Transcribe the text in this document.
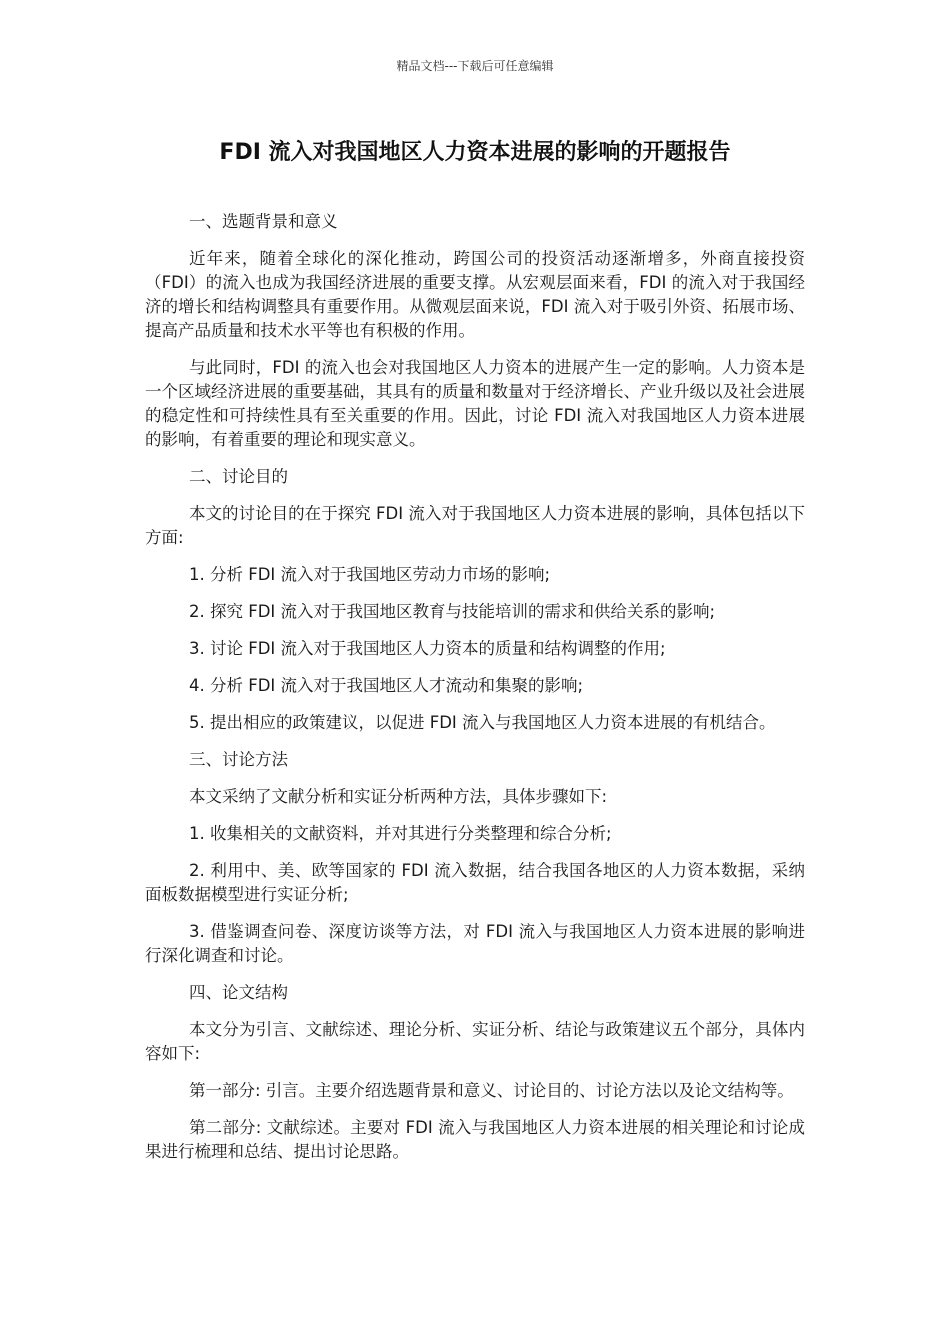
精品文档---下载后可任意编辑
FDI 流入对我国地区人力资本进展的影响的开题报告

一、选题背景和意义

近年来，随着全球化的深化推动，跨国公司的投资活动逐渐增多，外商直接投资（FDI）的流入也成为我国经济进展的重要支撑。从宏观层面来看，FDI 的流入对于我国经济的增长和结构调整具有重要作用。从微观层面来说，FDI 流入对于吸引外资、拓展市场、提高产品质量和技术水平等也有积极的作用。

与此同时，FDI 的流入也会对我国地区人力资本的进展产生一定的影响。人力资本是一个区域经济进展的重要基础，其具有的质量和数量对于经济增长、产业升级以及社会进展的稳定性和可持续性具有至关重要的作用。因此，讨论 FDI 流入对我国地区人力资本进展的影响，有着重要的理论和现实意义。

二、讨论目的

本文的讨论目的在于探究 FDI 流入对于我国地区人力资本进展的影响，具体包括以下方面:

1. 分析 FDI 流入对于我国地区劳动力市场的影响;

2. 探究 FDI 流入对于我国地区教育与技能培训的需求和供给关系的影响;

3. 讨论 FDI 流入对于我国地区人力资本的质量和结构调整的作用;

4. 分析 FDI 流入对于我国地区人才流动和集聚的影响;

5. 提出相应的政策建议，以促进 FDI 流入与我国地区人力资本进展的有机结合。

三、讨论方法

本文采纳了文献分析和实证分析两种方法，具体步骤如下:

1. 收集相关的文献资料，并对其进行分类整理和综合分析;

2. 利用中、美、欧等国家的 FDI 流入数据，结合我国各地区的人力资本数据，采纳面板数据模型进行实证分析;

3. 借鉴调查问卷、深度访谈等方法，对 FDI 流入与我国地区人力资本进展的影响进行深化调查和讨论。

四、论文结构

本文分为引言、文献综述、理论分析、实证分析、结论与政策建议五个部分，具体内容如下:

第一部分: 引言。主要介绍选题背景和意义、讨论目的、讨论方法以及论文结构等。

第二部分: 文献综述。主要对 FDI 流入与我国地区人力资本进展的相关理论和讨论成果进行梳理和总结、提出讨论思路。
